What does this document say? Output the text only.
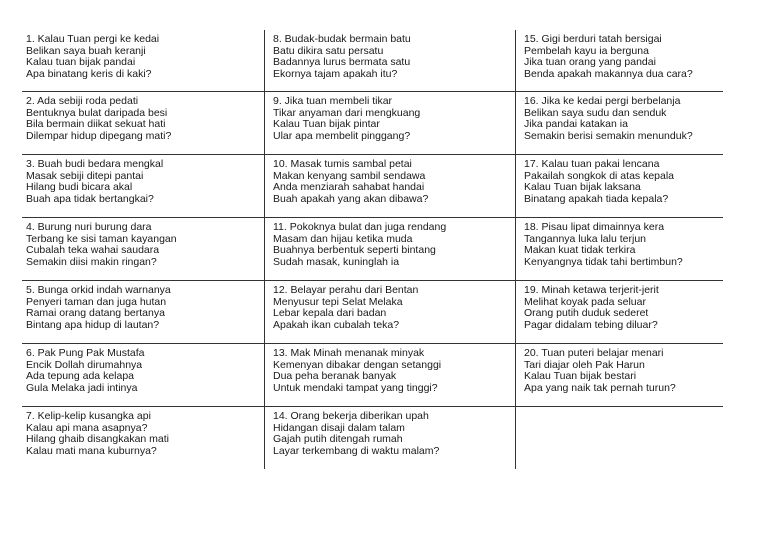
1. Kalau Tuan pergi ke kedai
Belikan saya buah keranji
Kalau tuan bijak pandai
Apa binatang keris di kaki?
8. Budak-budak bermain batu
Batu dikira satu persatu
Badannya lurus bermata satu
Ekornya tajam apakah itu?
15. Gigi berduri tatah bersigai
Pembelah kayu ia berguna
Jika tuan orang yang pandai
Benda apakah makannya dua cara?
2. Ada sebiji roda pedati
Bentuknya bulat daripada besi
Bila bermain diikat sekuat hati
Dilempar hidup dipegang mati?
9. Jika tuan membeli tikar
Tikar anyaman dari mengkuang
Kalau Tuan bijak pintar
Ular apa membelit pinggang?
16. Jika ke kedai pergi berbelanja
Belikan saya sudu dan senduk
Jika pandai katakan ia
Semakin berisi semakin menunduk?
3. Buah budi bedara mengkal
Masak sebiji ditepi pantai
Hilang budi bicara akal
Buah apa tidak bertangkai?
10. Masak tumis sambal petai
Makan kenyang sambil sendawa
Anda menziarah sahabat handai
Buah apakah yang akan dibawa?
17. Kalau tuan pakai lencana
Pakailah songkok di atas kepala
Kalau Tuan bijak laksana
Binatang apakah tiada kepala?
4. Burung nuri burung dara
Terbang ke sisi taman kayangan
Cubalah teka wahai saudara
Semakin diisi makin ringan?
11. Pokoknya bulat dan juga rendang
Masam dan hijau ketika muda
Buahnya berbentuk seperti bintang
Sudah masak, kuninglah ia
18. Pisau lipat dimainnya kera
Tangannya luka lalu terjun
Makan kuat tidak terkira
Kenyangnya tidak tahi bertimbun?
5. Bunga orkid indah warnanya
Penyeri taman dan juga hutan
Ramai orang datang bertanya
Bintang apa hidup di lautan?
12. Belayar perahu dari Bentan
Menyusur tepi Selat Melaka
Lebar kepala dari badan
Apakah ikan cubalah teka?
19. Minah ketawa terjerit-jerit
Melihat koyak pada seluar
Orang putih duduk sederet
Pagar didalam tebing diluar?
6. Pak Pung Pak Mustafa
Encik Dollah dirumahnya
Ada tepung ada kelapa
Gula Melaka jadi intinya
13. Mak Minah menanak minyak
Kemenyan dibakar dengan setanggi
Dua peha beranak banyak
Untuk mendaki tampat yang tinggi?
20. Tuan puteri belajar menari
Tari diajar oleh Pak Harun
Kalau Tuan bijak bestari
Apa yang naik tak pernah turun?
7. Kelip-kelip kusangka api
Kalau api mana asapnya?
Hilang ghaib disangkakan mati
Kalau mati mana kuburnya?
14. Orang bekerja diberikan upah
Hidangan disaji dalam talam
Gajah putih ditengah rumah
Layar terkembang di waktu malam?
